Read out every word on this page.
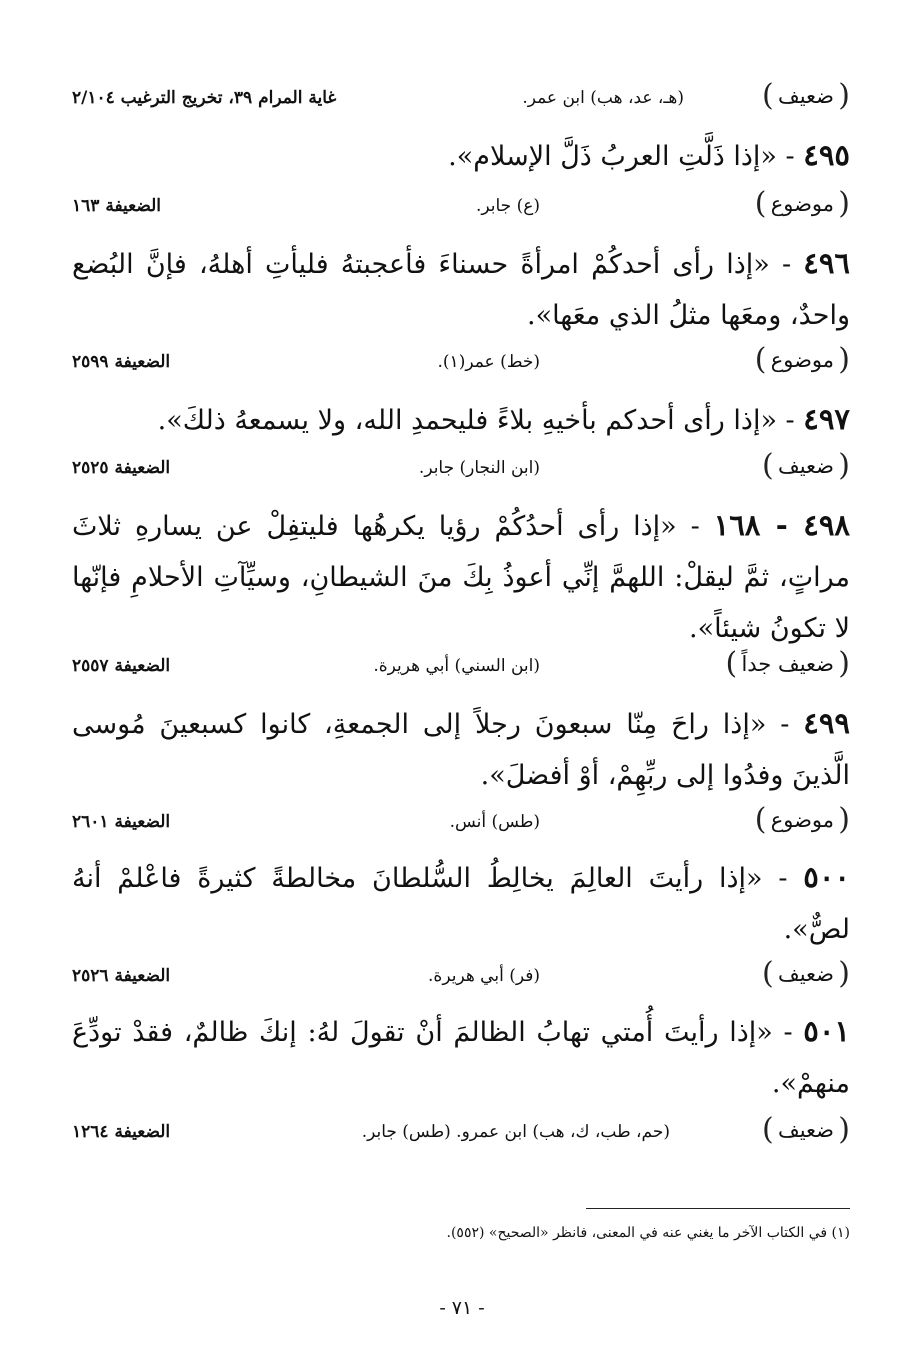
( ضعيف )
(هـ، عد، هب) ابن عمر.
غاية المرام ٣٩، تخريج الترغيب ٢/١٠٤
٤٩٥ - «إذا ذَلَّتِ العربُ ذَلَّ الإسلام».
( موضوع )
(ع) جابر.
الضعيفة ١٦٣
٤٩٦ - «إذا رأى أحدكُمْ امرأةً حسناءَ فأعجبتهُ فليأتِ أهلهُ، فإنَّ البُضع واحدٌ، ومعَها مثلُ الذي معَها».
( موضوع )
(خط) عمر(١).
الضعيفة ٢٥٩٩
٤٩٧ - «إذا رأى أحدكم بأخيهِ بلاءً فليحمدِ الله، ولا يسمعهُ ذلكَ».
( ضعيف )
(ابن النجار) جابر.
الضعيفة ٢٥٢٥
٤٩٨ - ١٦٨ - «إذا رأى أحدُكُمْ رؤيا يكرهُها فليتفِلْ عن يسارهِ ثلاثَ مراتٍ، ثمَّ ليقلْ: اللهمَّ إنِّي أعوذُ بِكَ منَ الشيطانِ، وسيِّآتِ الأحلامِ فإنّها لا تكونُ شيئاً».
( ضعيف جداً )
(ابن السني) أبي هريرة.
الضعيفة ٢٥٥٧
٤٩٩ - «إذا راحَ مِنّا سبعونَ رجلاً إلى الجمعةِ، كانوا كسبعينَ مُوسى الَّذينَ وفدُوا إلى ربِّهِمْ، أوْ أفضلَ».
( موضوع )
(طس) أنس.
الضعيفة ٢٦٠١
٥٠٠ - «إذا رأيتَ العالِمَ يخالِطُ السُّلطانَ مخالطةً كثيرةً فاعْلمْ أنهُ لصٌّ».
( ضعيف )
(فر) أبي هريرة.
الضعيفة ٢٥٢٦
٥٠١ - «إذا رأيتَ أُمتي تهابُ الظالمَ أنْ تقولَ لهُ: إنكَ ظالمٌ، فقدْ تودِّعَ منهمْ».
( ضعيف )
(حم، طب، ك، هب) ابن عمرو. (طس) جابر.
الضعيفة ١٢٦٤
(١) في الكتاب الآخر ما يغني عنه في المعنى، فانظر «الصحيح» (٥٥٢).
- ٧١ -
